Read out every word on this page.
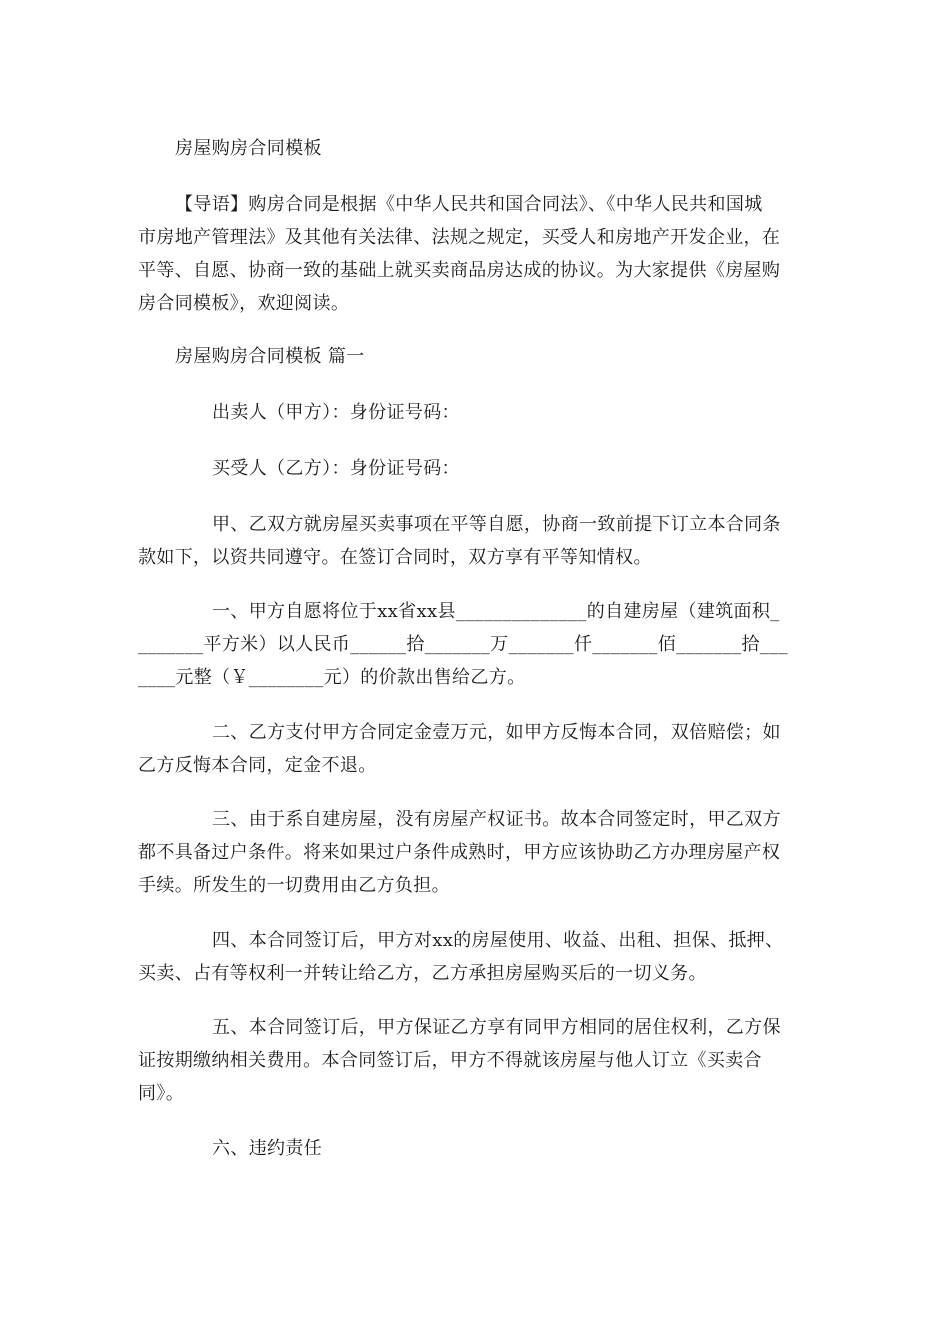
房屋购房合同模板
【导语】购房合同是根据《中华人民共和国合同法》、《中华人民共和国城
市房地产管理法》及其他有关法律、法规之规定，买受人和房地产开发企业，在
平等、自愿、协商一致的基础上就买卖商品房达成的协议。为大家提供《房屋购
房合同模板》，欢迎阅读。
房屋购房合同模板 篇一
出卖人（甲方）：身份证号码：
买受人（乙方）：身份证号码：
甲、乙双方就房屋买卖事项在平等自愿，协商一致前提下订立本合同条
款如下，以资共同遵守。在签订合同时，双方享有平等知情权。
一、甲方自愿将位于xx省xx县______________的自建房屋（建筑面积_
_______平方米）以人民币______拾_______万_______仟_______佰_______拾___
____元整（￥________元）的价款出售给乙方。
二、乙方支付甲方合同定金壹万元，如甲方反悔本合同，双倍赔偿；如
乙方反悔本合同，定金不退。
三、由于系自建房屋，没有房屋产权证书。故本合同签定时，甲乙双方
都不具备过户条件。将来如果过户条件成熟时，甲方应该协助乙方办理房屋产权
手续。所发生的一切费用由乙方负担。
四、本合同签订后，甲方对xx的房屋使用、收益、出租、担保、抵押、
买卖、占有等权利一并转让给乙方，乙方承担房屋购买后的一切义务。
五、本合同签订后，甲方保证乙方享有同甲方相同的居住权利，乙方保
证按期缴纳相关费用。本合同签订后，甲方不得就该房屋与他人订立《买卖合
同》。
六、违约责任
